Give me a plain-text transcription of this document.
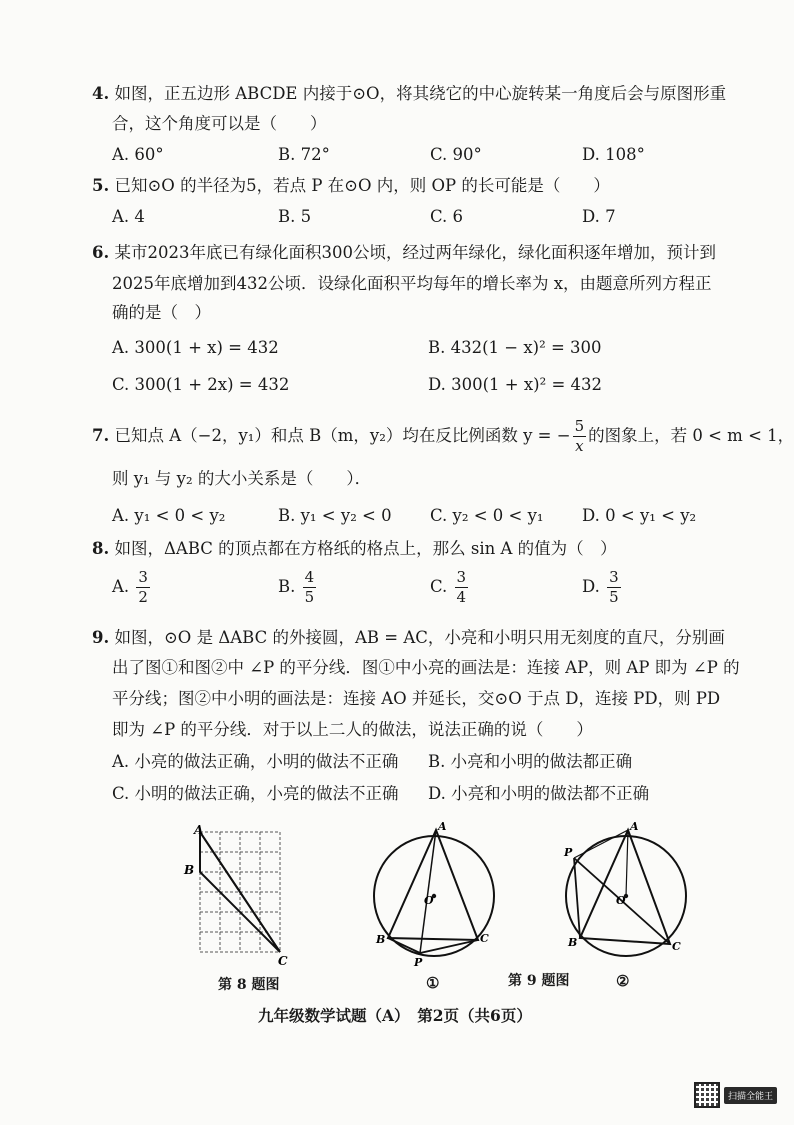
4. 如图，正五边形 ABCDE 内接于⊙O，将其绕它的中心旋转某一角度后会与原图形重
合，这个角度可以是（　　）
A. 60°	B. 72°	C. 90°	D. 108°
5. 已知⊙O 的半径为5，若点 P 在⊙O 内，则 OP 的长可能是（　　）
A. 4	B. 5	C. 6	D. 7
6. 某市2023年底已有绿化面积300公顷，经过两年绿化，绿化面积逐年增加，预计到
2025年底增加到432公顷．设绿化面积平均每年的增长率为 x，由题意所列方程正
确的是（　）
A. 300(1 + x) = 432	B. 432(1 − x)² = 300
C. 300(1 + 2x) = 432	D. 300(1 + x)² = 432
7. 已知点 A（−2，y₁）和点 B（m，y₂）均在反比例函数 y = − $\frac{5}{x}$ 的图象上，若 0 < m < 1，
则 y₁ 与 y₂ 的大小关系是（　　）．
A. y₁ < 0 < y₂	B. y₁ < y₂ < 0 C. y₂ < 0 < y₁ D. 0 < y₁ < y₂
8. 如图，ΔABC 的顶点都在方格纸的格点上，那么 sin A 的值为（　）
A. $\frac{3}{2}$	B. $\frac{4}{5}$	C. $\frac{3}{4}$	D. $\frac{3}{5}$
9. 如图，⊙O 是 ΔABC 的外接圆，AB = AC，小亮和小明只用无刻度的直尺，分别画
出了图①和图②中 ∠P 的平分线．图①中小亮的画法是：连接 AP，则 AP 即为 ∠P 的
平分线；图②中小明的画法是：连接 AO 并延长，交⊙O 于点 D，连接 PD，则 PD
即为 ∠P 的平分线．对于以上二人的做法，说法正确的说（　　）
A. 小亮的做法正确，小明的做法不正确 B. 小亮和小明的做法都正确
C. 小明的做法正确，小亮的做法不正确 D. 小亮和小明的做法都不正确
A
B
C
第 8 题图
A
B	C
O
P
①	第 9 题图
A
B	C
O
P
②
九年级数学试题（A）　第2页（共6页）
扫描全能王
